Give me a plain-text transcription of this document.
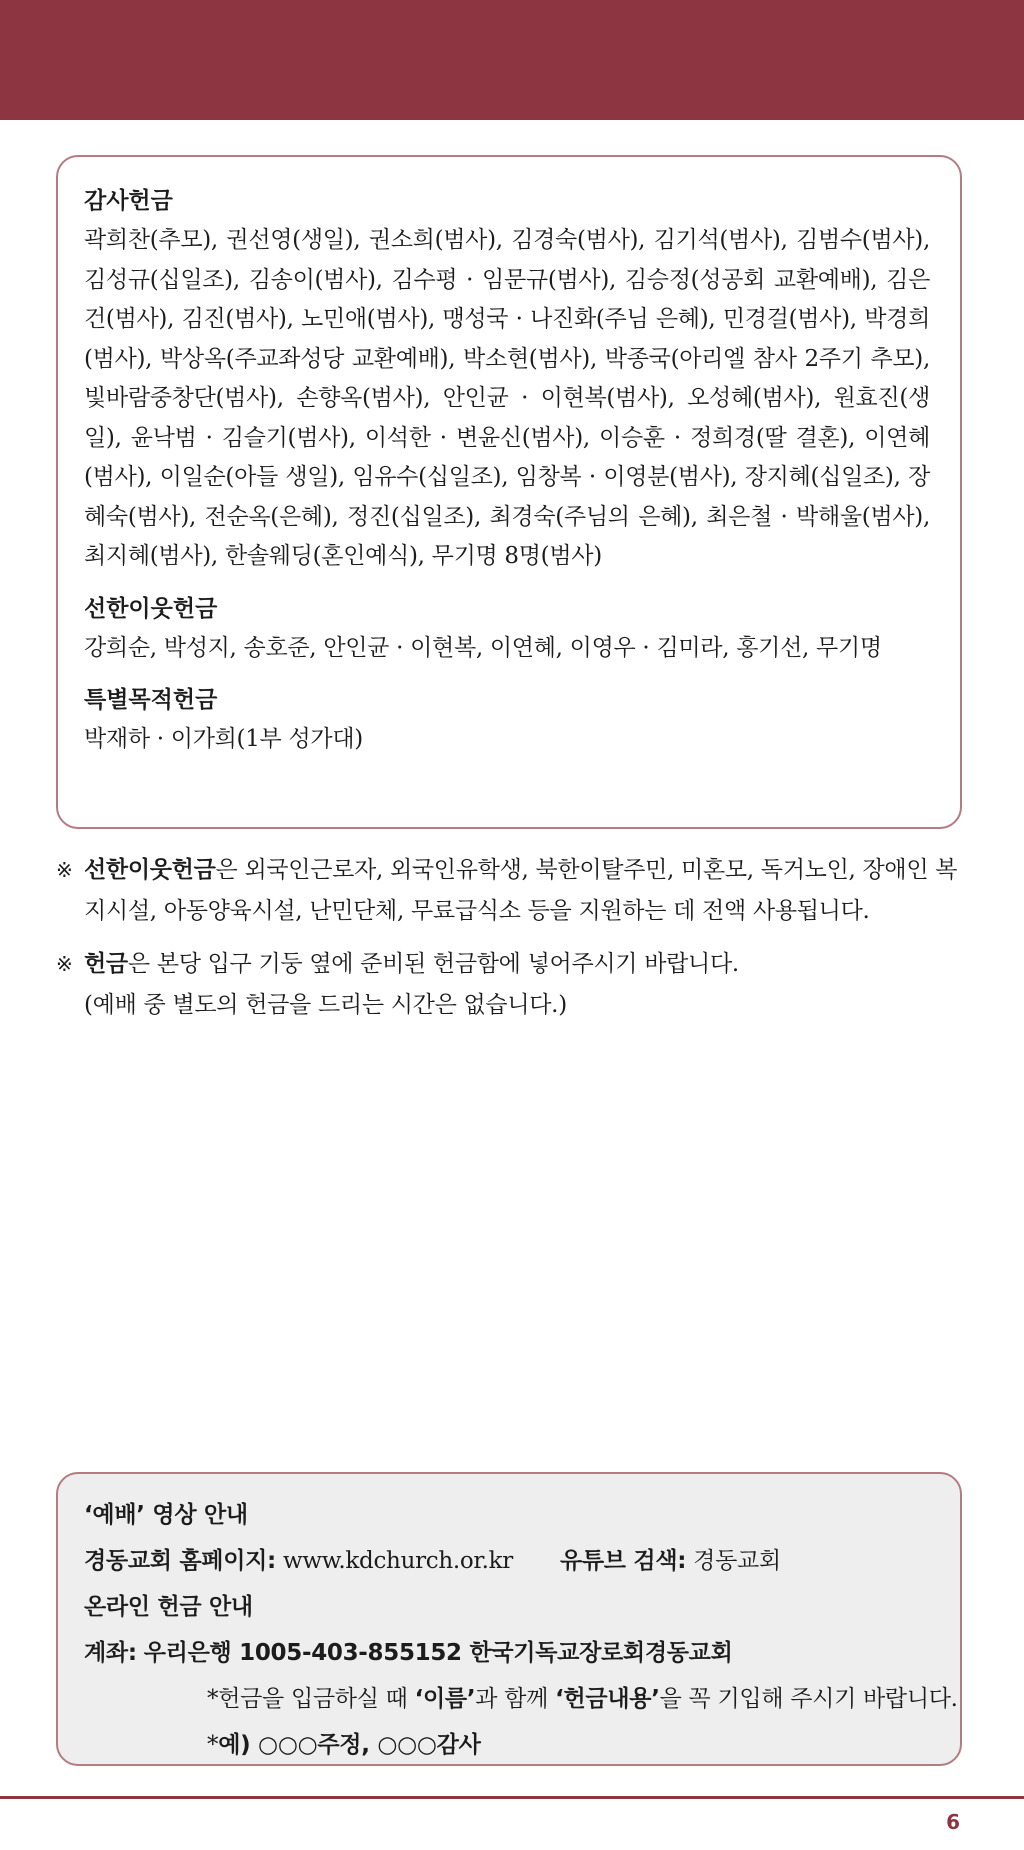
감사헌금

곽희찬(추모), 권선영(생일), 권소희(범사), 김경숙(범사), 김기석(범사), 김범수(범사), 김성규(십일조), 김송이(범사), 김수평 · 임문규(범사), 김승정(성공회 교환예배), 김은건(범사), 김진(범사), 노민애(범사), 맹성국 · 나진화(주님 은혜), 민경걸(범사), 박경희(범사), 박상옥(주교좌성당 교환예배), 박소현(범사), 박종국(아리엘 참사 2주기 추모), 빛바람중창단(범사), 손향옥(범사), 안인균 · 이현복(범사), 오성혜(범사), 원효진(생일), 윤낙범 · 김슬기(범사), 이석한 · 변윤신(범사), 이승훈 · 정희경(딸 결혼), 이연혜(범사), 이일순(아들 생일), 임유수(십일조), 임창복 · 이영분(범사), 장지혜(십일조), 장혜숙(범사), 전순옥(은혜), 정진(십일조), 최경숙(주님의 은혜), 최은철 · 박해울(범사), 최지혜(범사), 한솔웨딩(혼인예식), 무기명 8명(범사)

선한이웃헌금

강희순, 박성지, 송호준, 안인균 · 이현복, 이연혜, 이영우 · 김미라, 홍기선, 무기명

특별목적헌금

박재하 · 이가희(1부 성가대)

※ 선한이웃헌금은 외국인근로자, 외국인유학생, 북한이탈주민, 미혼모, 독거노인, 장애인 복지시설, 아동양육시설, 난민단체, 무료급식소 등을 지원하는 데 전액 사용됩니다.
※ 헌금은 본당 입구 기둥 옆에 준비된 헌금함에 넣어주시기 바랍니다.
(예배 중 별도의 헌금을 드리는 시간은 없습니다.)

‘예배’ 영상 안내

경동교회 홈페이지: www.kdchurch.or.kr 유튜브 검색: 경동교회

온라인 헌금 안내

계좌: 우리은행 1005-403-855152 한국기독교장로회경동교회

*헌금을 입금하실 때 ‘이름’과 함께 ‘헌금내용’을 꼭 기입해 주시기 바랍니다.

*예) ○○○주정, ○○○감사

6
